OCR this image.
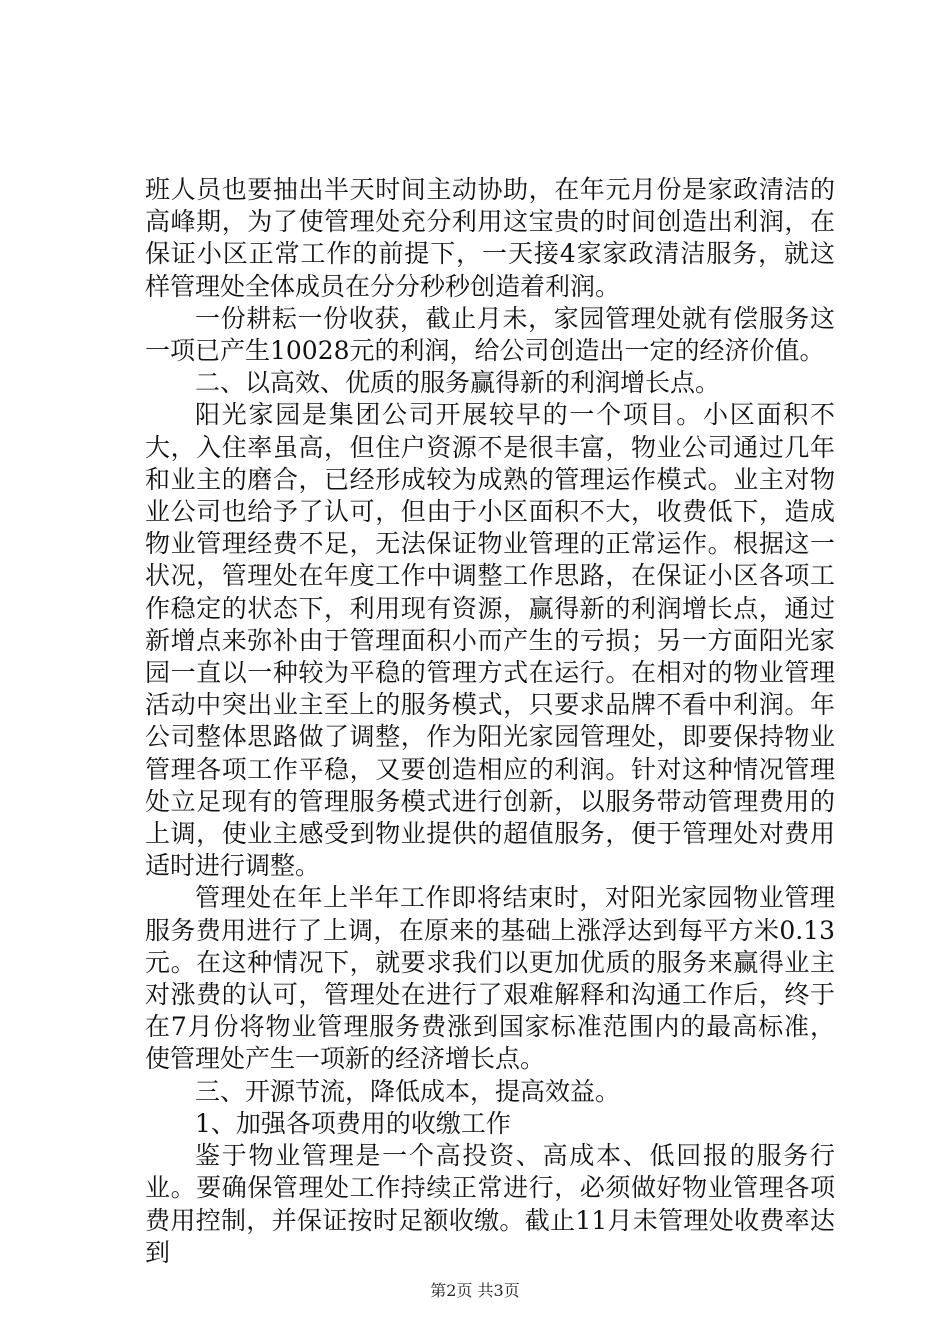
班人员也要抽出半天时间主动协助，在年元月份是家政清洁的高峰期，为了使管理处充分利用这宝贵的时间创造出利润，在保证小区正常工作的前提下，一天接4家家政清洁服务，就这样管理处全体成员在分分秒秒创造着利润。

一份耕耘一份收获，截止月未，家园管理处就有偿服务这一项已产生10028元的利润，给公司创造出一定的经济价值。

二、以高效、优质的服务赢得新的利润增长点。

阳光家园是集团公司开展较早的一个项目。小区面积不大，入住率虽高，但住户资源不是很丰富，物业公司通过几年和业主的磨合，已经形成较为成熟的管理运作模式。业主对物业公司也给予了认可，但由于小区面积不大，收费低下，造成物业管理经费不足，无法保证物业管理的正常运作。根据这一状况，管理处在年度工作中调整工作思路，在保证小区各项工作稳定的状态下，利用现有资源，赢得新的利润增长点，通过新增点来弥补由于管理面积小而产生的亏损；另一方面阳光家园一直以一种较为平稳的管理方式在运行。在相对的物业管理活动中突出业主至上的服务模式，只要求品牌不看中利润。年公司整体思路做了调整，作为阳光家园管理处，即要保持物业管理各项工作平稳，又要创造相应的利润。针对这种情况管理处立足现有的管理服务模式进行创新，以服务带动管理费用的上调，使业主感受到物业提供的超值服务，便于管理处对费用适时进行调整。

管理处在年上半年工作即将结束时，对阳光家园物业管理服务费用进行了上调，在原来的基础上涨浮达到每平方米0.13元。在这种情况下，就要求我们以更加优质的服务来赢得业主对涨费的认可，管理处在进行了艰难解释和沟通工作后，终于在7月份将物业管理服务费涨到国家标准范围内的最高标准，使管理处产生一项新的经济增长点。

三、开源节流，降低成本，提高效益。

1、加强各项费用的收缴工作

鉴于物业管理是一个高投资、高成本、低回报的服务行业。要确保管理处工作持续正常进行，必须做好物业管理各项费用控制，并保证按时足额收缴。截止11月未管理处收费率达到

第2页 共3页
